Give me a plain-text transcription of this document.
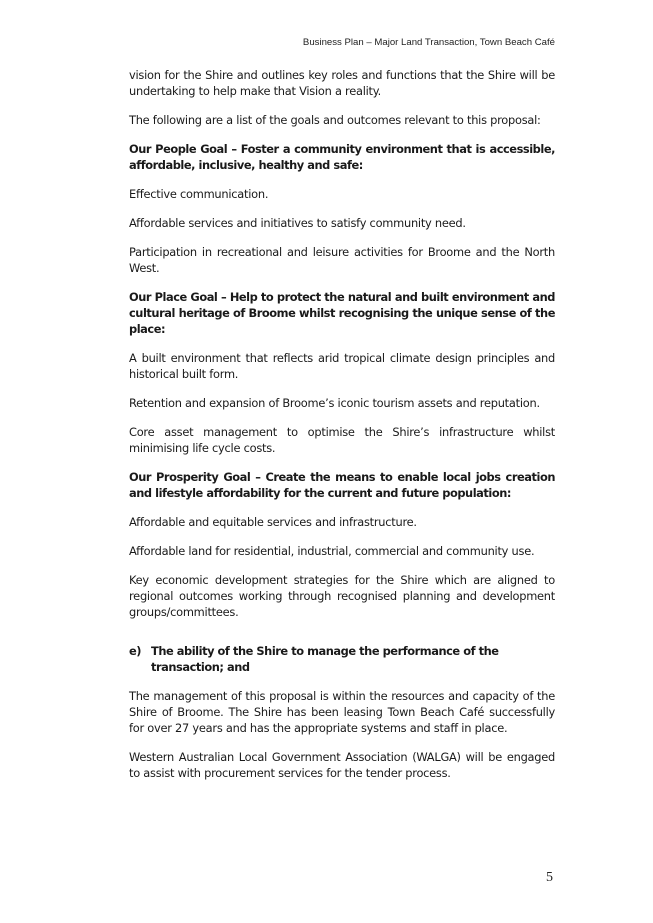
Business Plan – Major Land Transaction, Town Beach Café

vision for the Shire and outlines key roles and functions that the Shire will be undertaking to help make that Vision a reality.

The following are a list of the goals and outcomes relevant to this proposal:

Our People Goal – Foster a community environment that is accessible, affordable, inclusive, healthy and safe:

Effective communication.

Affordable services and initiatives to satisfy community need.

Participation in recreational and leisure activities for Broome and the North West.

Our Place Goal – Help to protect the natural and built environment and cultural heritage of Broome whilst recognising the unique sense of the place:

A built environment that reflects arid tropical climate design principles and historical built form.

Retention and expansion of Broome’s iconic tourism assets and reputation.

Core asset management to optimise the Shire’s infrastructure whilst minimising life cycle costs.

Our Prosperity Goal – Create the means to enable local jobs creation and lifestyle affordability for the current and future population:

Affordable and equitable services and infrastructure.

Affordable land for residential, industrial, commercial and community use.

Key economic development strategies for the Shire which are aligned to regional outcomes working through recognised planning and development groups/committees.

e) The ability of the Shire to manage the performance of the transaction; and

The management of this proposal is within the resources and capacity of the Shire of Broome. The Shire has been leasing Town Beach Café successfully for over 27 years and has the appropriate systems and staff in place.

Western Australian Local Government Association (WALGA) will be engaged to assist with procurement services for the tender process.

5
